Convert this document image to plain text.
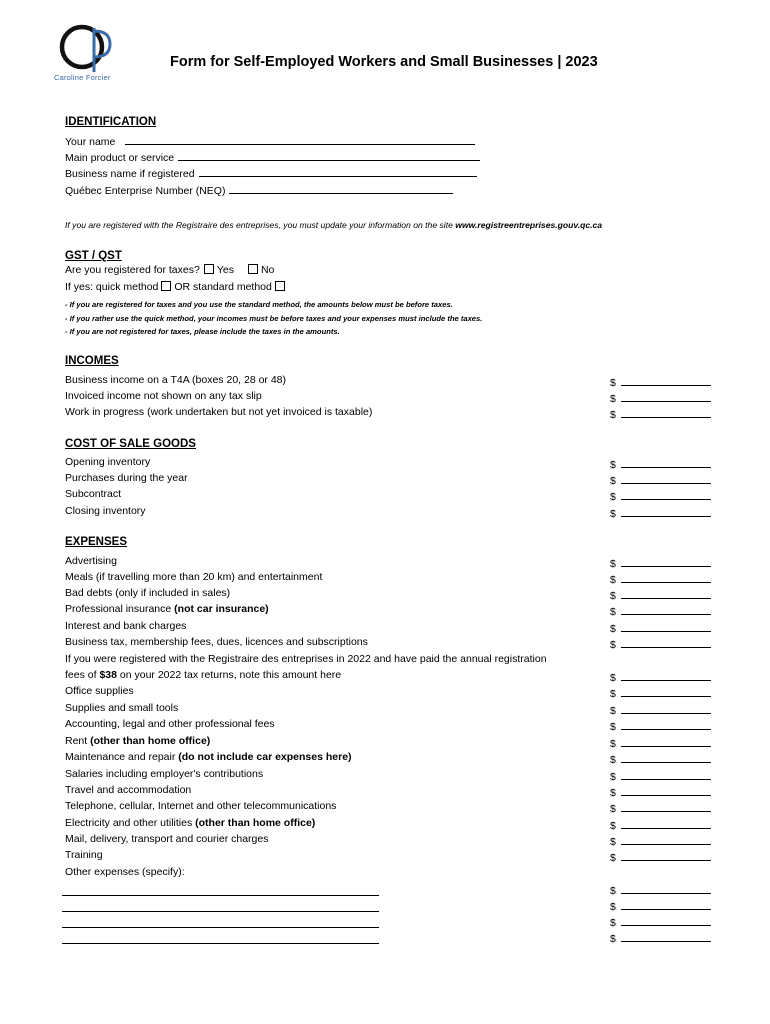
Caroline Forcier
Form for Self-Employed Workers and Small Businesses | 2023
IDENTIFICATION
Your name
Main product or service
Business name if registered
Québec Enterprise Number (NEQ)
If you are registered with the Registraire des entreprises, you must update your information on the site www.registreentreprises.gouv.qc.ca
GST / QST
Are you registered for taxes? Yes	No
If yes: quick method OR standard method
- If you are registered for taxes and you use the standard method, the amounts below must be before taxes.
- If you rather use the quick method, your incomes must be before taxes and your expenses must include the taxes.
- If you are not registered for taxes, please include the taxes in the amounts.
INCOMES
Business income on a T4A (boxes 20, 28 or 48)
Invoiced income not shown on any tax slip
Work in progress (work undertaken but not yet invoiced is taxable)
$
$
$
COST OF SALE GOODS
Opening inventory
Purchases during the year
Subcontract
Closing inventory
$
$
$
$
EXPENSES
Advertising
Meals (if travelling more than 20 km) and entertainment
Bad debts (only if included in sales)
Professional insurance (not car insurance)
Interest and bank charges
Business tax, membership fees, dues, licences and subscriptions
If you were registered with the Registraire des entreprises in 2022 and have paid the annual registration
fees of $38 on your 2022 tax returns, note this amount here
Office supplies
Supplies and small tools
Accounting, legal and other professional fees
Rent (other than home office)
Maintenance and repair (do not include car expenses here)
Salaries including employer's contributions
Travel and accommodation
Telephone, cellular, Internet and other telecommunications
Electricity and other utilities (other than home office)
Mail, delivery, transport and courier charges
Training
Other expenses (specify):
$
$
$
$
$
$
$
$
$
$
$
$
$
$
$
$
$
$
$
$
$
$
